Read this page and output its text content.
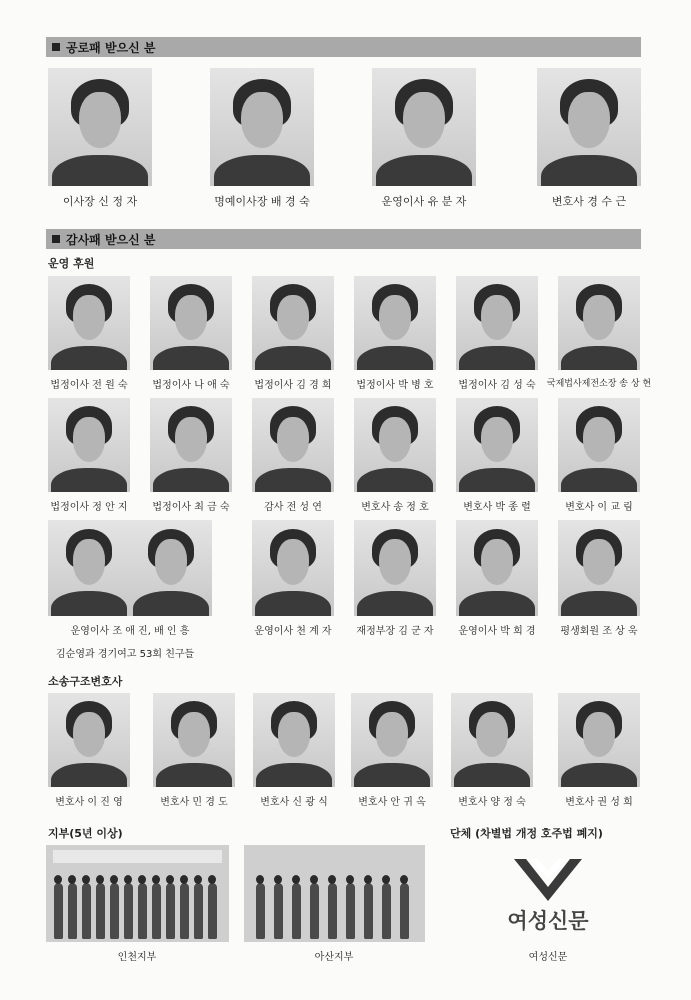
공로패 받으신 분
이사장 신 정 자	명예이사장 배 경 숙	운영이사 유 분 자	변호사 경 수 근
감사패 받으신 분
운영 후원
법정이사 전 원 숙	법정이사 나 애 숙	법정이사 김 경 희	법정이사 박 병 호	법정이사 김 성 숙	국제법사제전소장 송 상 현
법정이사 정 안 지	법정이사 최 금 숙	감사 전 성 연	변호사 송 정 호	변호사 박 종 렬	변호사 이 교 림
운영이사 조 애 진, 배 인 흥	운영이사 천 계 자	재정부장 김 군 자	운영이사 박 희 경	평생회원 조 상 욱
김순영과 경기여고 53회 친구들
소송구조변호사
변호사 이 진 영	변호사 민 경 도	변호사 신 광 식	변호사 안 귀 옥	변호사 양 정 숙	변호사 권 성 희
지부(5년 이상)	단체 (차별법 개정 호주법 폐지)
인천지부	아산지부
여성신문
여성신문
